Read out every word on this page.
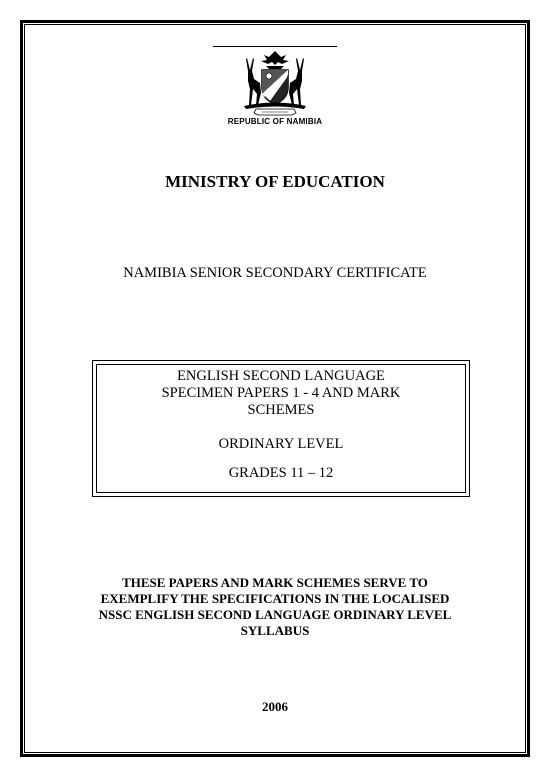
REPUBLIC OF NAMIBIA
MINISTRY OF EDUCATION
NAMIBIA SENIOR SECONDARY CERTIFICATE
ENGLISH SECOND LANGUAGE
SPECIMEN PAPERS 1 - 4 AND MARK
SCHEMES
ORDINARY LEVEL
GRADES 11 – 12
THESE PAPERS AND MARK SCHEMES SERVE TO
EXEMPLIFY THE SPECIFICATIONS IN THE LOCALISED
NSSC ENGLISH SECOND LANGUAGE ORDINARY LEVEL
SYLLABUS
2006
